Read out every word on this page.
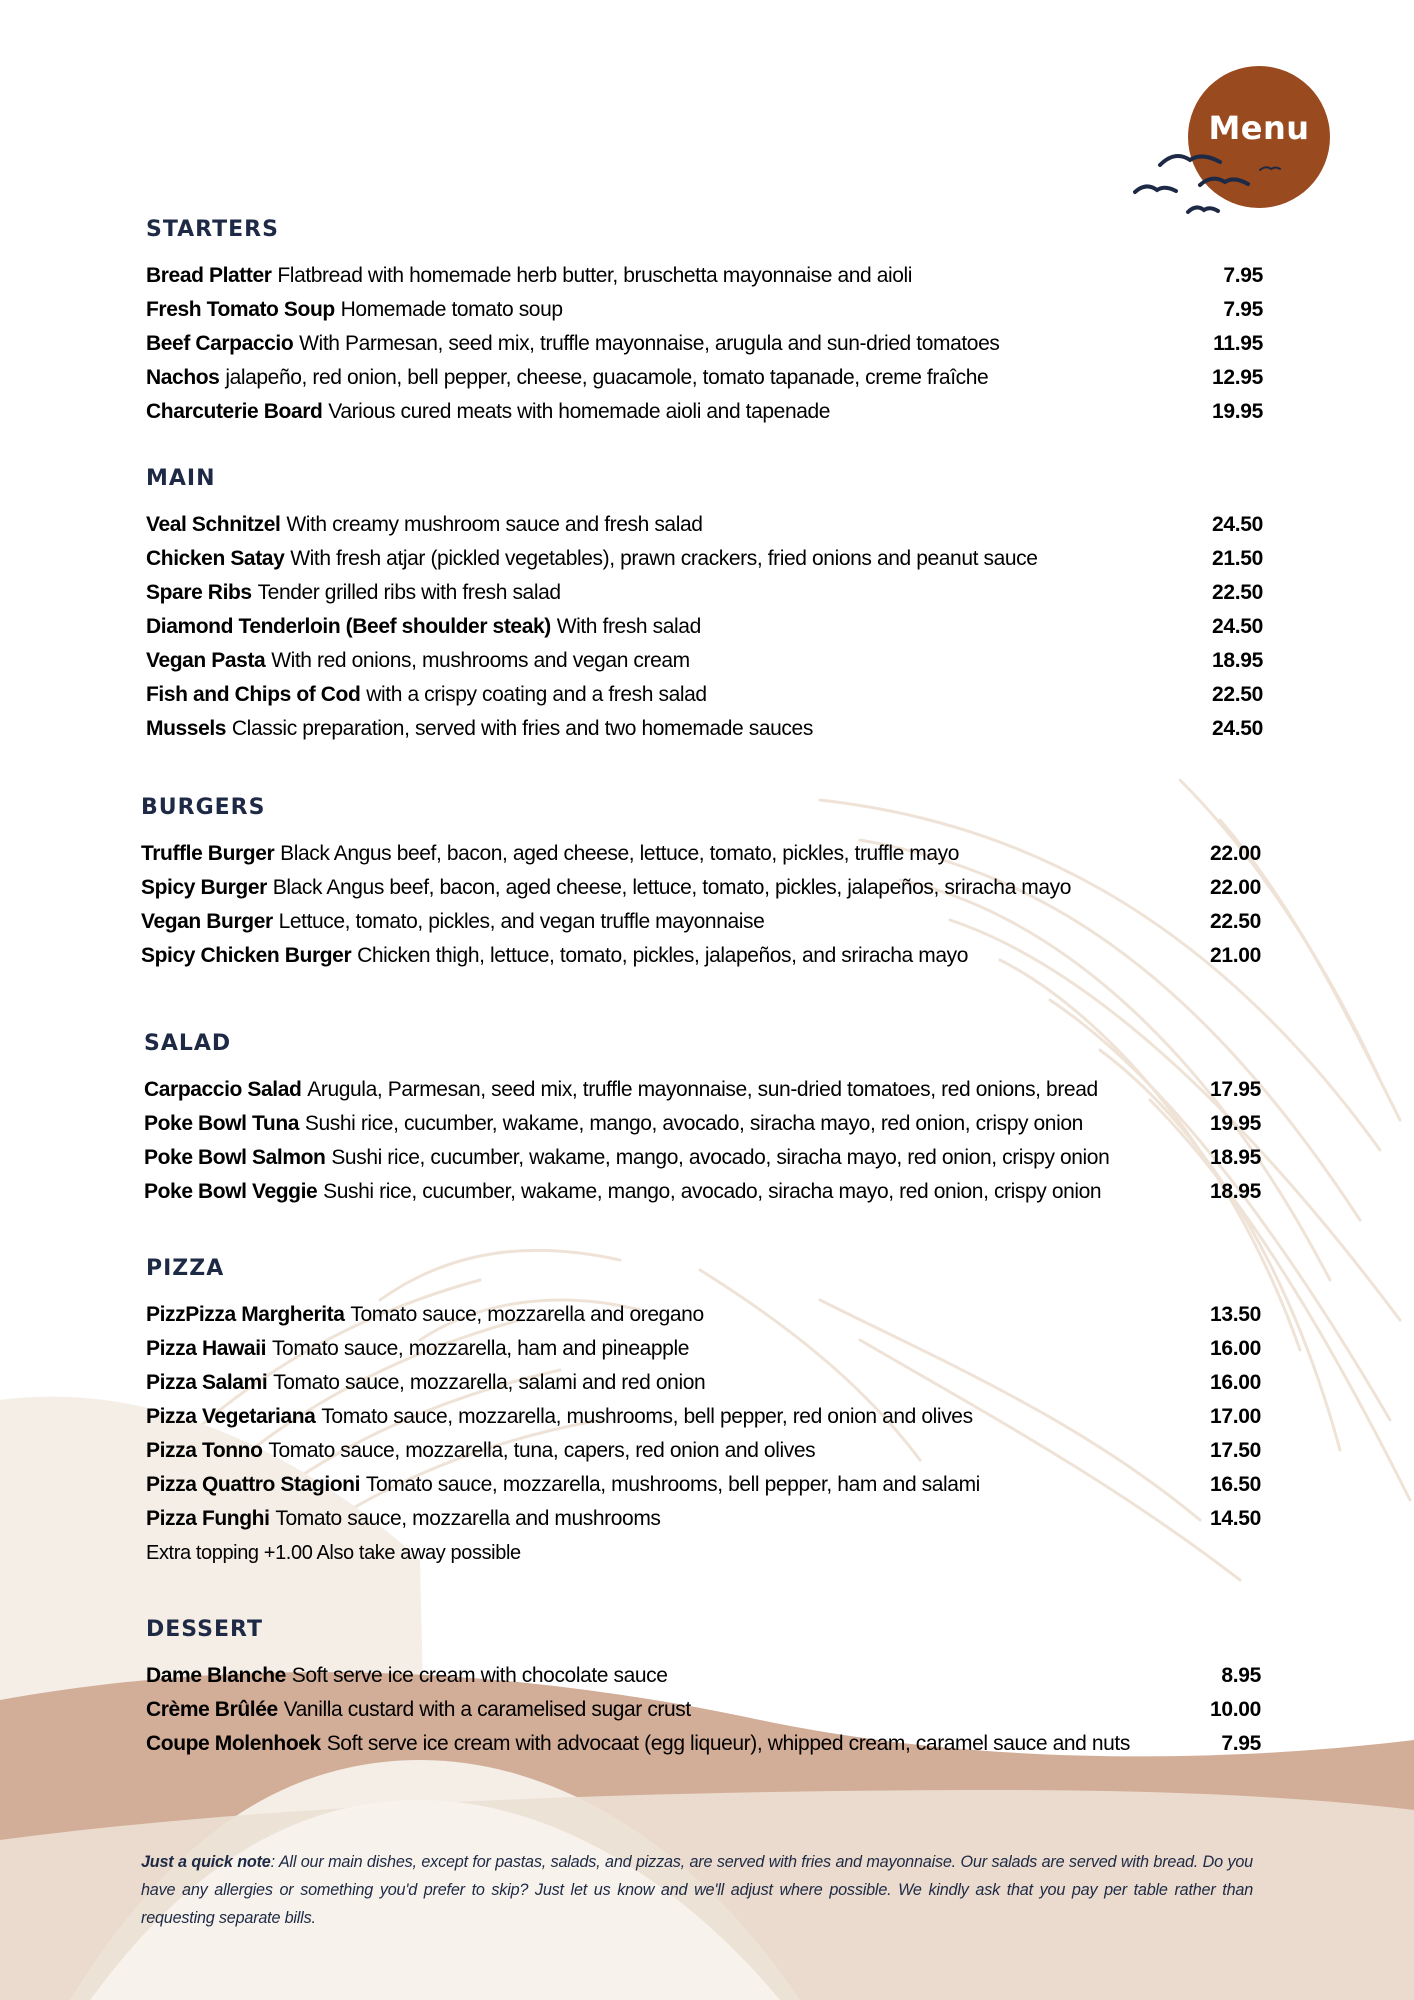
Menu
STARTERS
Bread Platter Flatbread with homemade herb butter, bruschetta mayonnaise and aioli	7.95
Fresh Tomato Soup Homemade tomato soup	7.95
Beef Carpaccio With Parmesan, seed mix, truffle mayonnaise, arugula and sun-dried tomatoes	11.95
Nachos jalapeño, red onion, bell pepper, cheese, guacamole, tomato tapanade, creme fraîche	12.95
Charcuterie Board Various cured meats with homemade aioli and tapenade	19.95
MAIN
Veal Schnitzel With creamy mushroom sauce and fresh salad	24.50
Chicken Satay With fresh atjar (pickled vegetables), prawn crackers, fried onions and peanut sauce	21.50
Spare Ribs Tender grilled ribs with fresh salad	22.50
Diamond Tenderloin (Beef shoulder steak) With fresh salad	24.50
Vegan Pasta With red onions, mushrooms and vegan cream	18.95
Fish and Chips of Cod with a crispy coating and a fresh salad	22.50
Mussels Classic preparation, served with fries and two homemade sauces	24.50
BURGERS
Truffle Burger Black Angus beef, bacon, aged cheese, lettuce, tomato, pickles, truffle mayo	22.00
Spicy Burger Black Angus beef, bacon, aged cheese, lettuce, tomato, pickles, jalapeños, sriracha mayo	22.00
Vegan Burger Lettuce, tomato, pickles, and vegan truffle mayonnaise	22.50
Spicy Chicken Burger Chicken thigh, lettuce, tomato, pickles, jalapeños, and sriracha mayo	21.00
SALAD
Carpaccio Salad Arugula, Parmesan, seed mix, truffle mayonnaise, sun-dried tomatoes, red onions, bread	17.95
Poke Bowl Tuna Sushi rice, cucumber, wakame, mango, avocado, siracha mayo, red onion, crispy onion	19.95
Poke Bowl Salmon Sushi rice, cucumber, wakame, mango, avocado, siracha mayo, red onion, crispy onion	18.95
Poke Bowl Veggie Sushi rice, cucumber, wakame, mango, avocado, siracha mayo, red onion, crispy onion	18.95
PIZZA
PizzPizza Margherita Tomato sauce, mozzarella and oregano	13.50
Pizza Hawaii Tomato sauce, mozzarella, ham and pineapple	16.00
Pizza Salami Tomato sauce, mozzarella, salami and red onion	16.00
Pizza Vegetariana Tomato sauce, mozzarella, mushrooms, bell pepper, red onion and olives	17.00
Pizza Tonno Tomato sauce, mozzarella, tuna, capers, red onion and olives	17.50
Pizza Quattro Stagioni Tomato sauce, mozzarella, mushrooms, bell pepper, ham and salami	16.50
Pizza Funghi Tomato sauce, mozzarella and mushrooms	14.50
Extra topping +1.00 Also take away possible
DESSERT
Dame Blanche Soft serve ice cream with chocolate sauce	8.95
Crème Brûlée Vanilla custard with a caramelised sugar crust	10.00
Coupe Molenhoek Soft serve ice cream with advocaat (egg liqueur), whipped cream, caramel sauce and nuts	7.95
Just a quick note: All our main dishes, except for pastas, salads, and pizzas, are served with fries and mayonnaise. Our salads are served with bread. Do you have any allergies or something you'd prefer to skip? Just let us know and we'll adjust where possible. We kindly ask that you pay per table rather than requesting separate bills.
